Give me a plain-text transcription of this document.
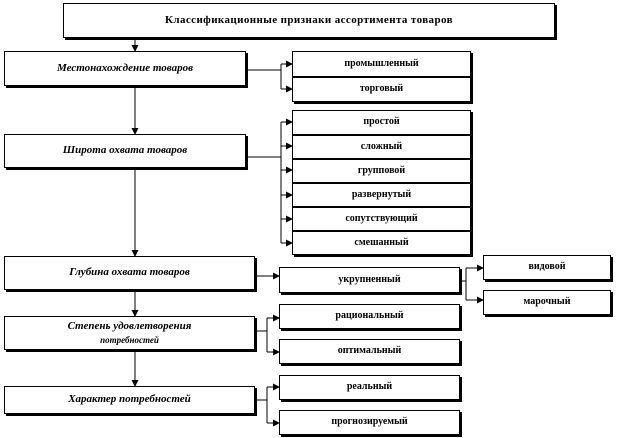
Классификационные признаки ассортимента товаров
Местонахождение товаров
Широта охвата товаров
Глубина охвата товаров
Степень удовлетворения
потребностей
Характер потребностей
промышленный
торговый
простой
сложный
групповой
развернутый
сопутствующий
смешанный
укрупненный
видовой
марочный
рациональный
оптимальный
реальный
прогнозируемый
